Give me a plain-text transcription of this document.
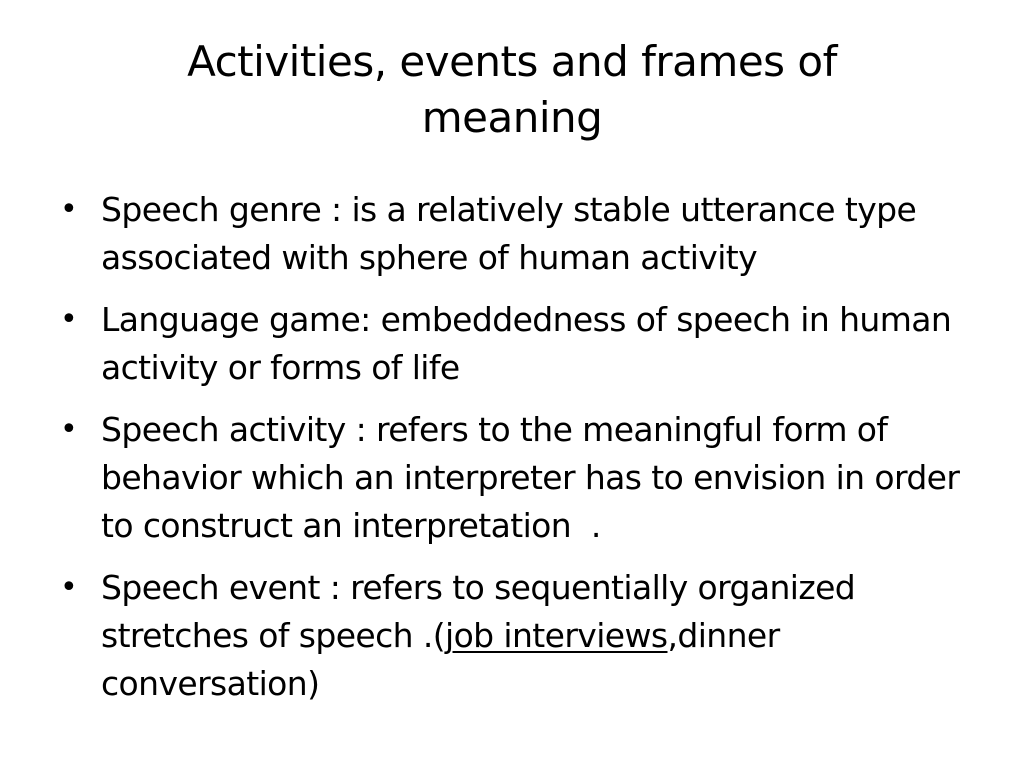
Activities, events and frames of
meaning
• Speech genre : is a relatively stable utterance type associated with sphere of human activity
• Language game: embeddedness of speech in human activity or forms of life
• Speech activity : refers to the meaningful form of behavior which an interpreter has to envision in order to construct an interpretation  .
• Speech event : refers to sequentially organized stretches of speech .(job interviews,dinner conversation)
